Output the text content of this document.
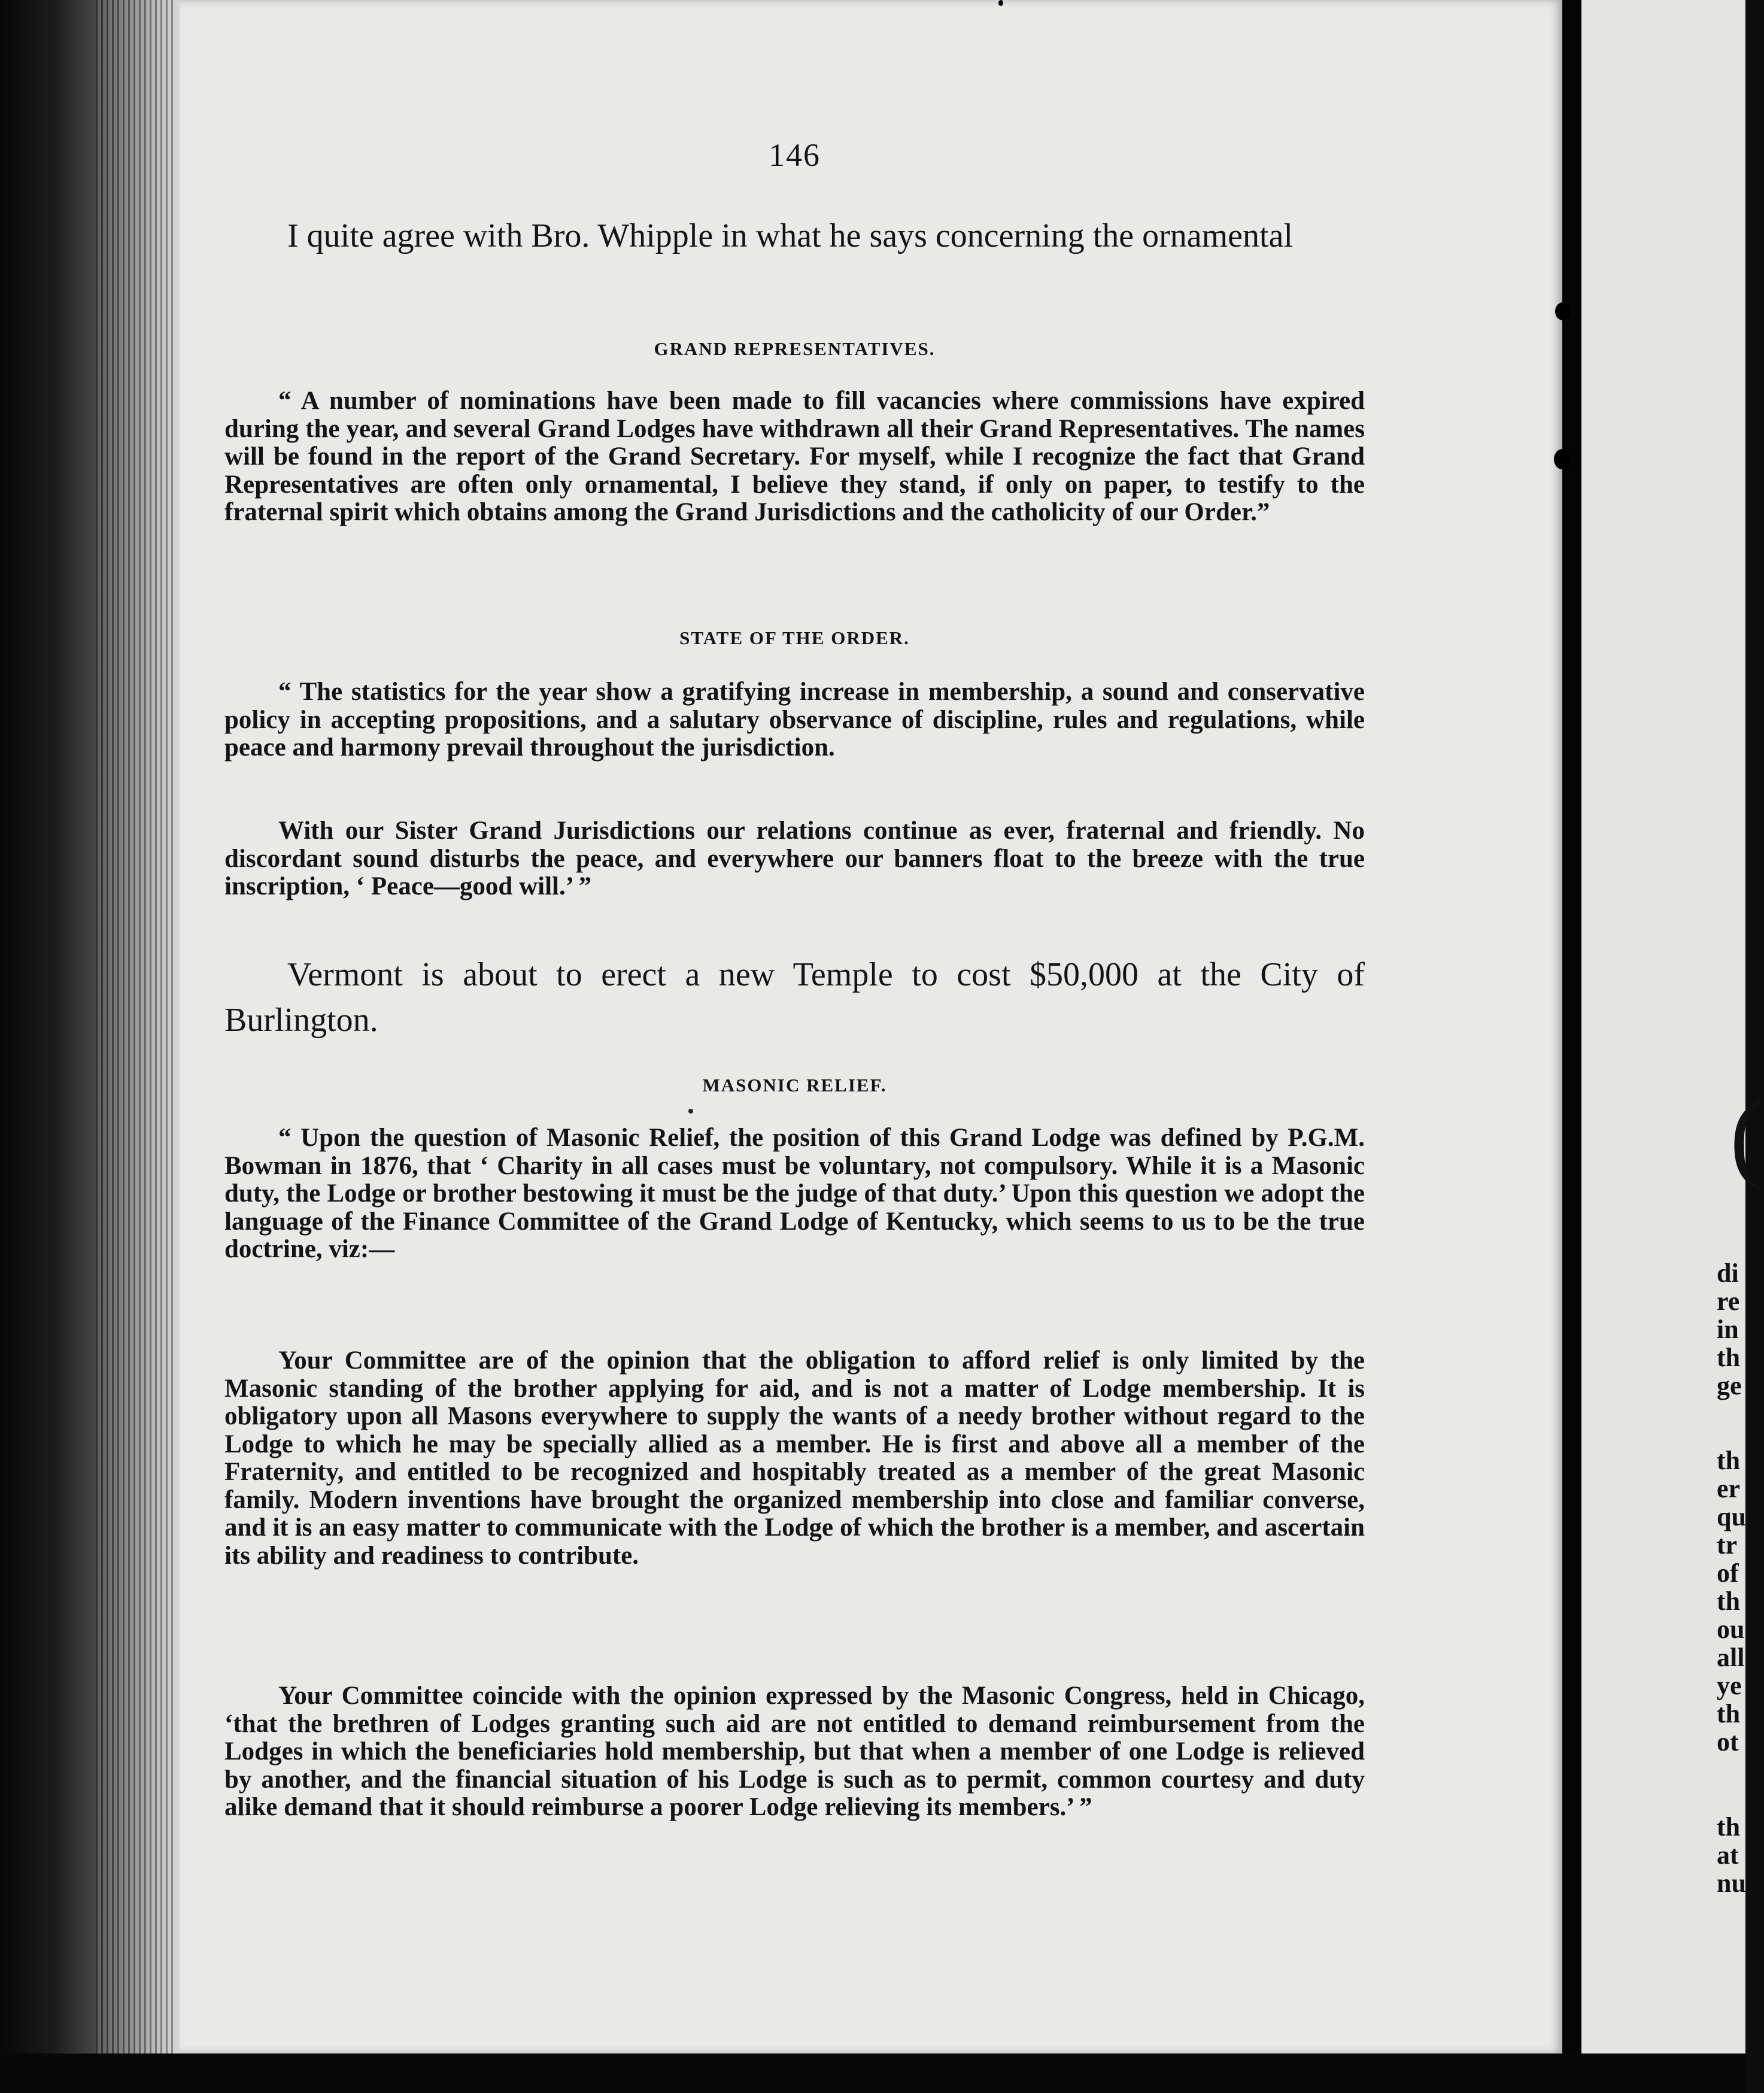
146

I quite agree with Bro. Whipple in what he says concerning the ornamental

GRAND REPRESENTATIVES.

“ A number of nominations have been made to fill vacancies where commissions have expired during the year, and several Grand Lodges have withdrawn all their Grand Representatives. The names will be found in the report of the Grand Secretary. For myself, while I recognize the fact that Grand Representatives are often only ornamental, I believe they stand, if only on paper, to testify to the fraternal spirit which obtains among the Grand Jurisdictions and the catholicity of our Order.”

STATE OF THE ORDER.

“ The statistics for the year show a gratifying increase in membership, a sound and conservative policy in accepting propositions, and a salutary observance of discipline, rules and regulations, while peace and harmony prevail throughout the jurisdiction.

With our Sister Grand Jurisdictions our relations continue as ever, fraternal and friendly. No discordant sound disturbs the peace, and everywhere our banners float to the breeze with the true inscription, ‘ Peace—good will.’ ”

Vermont is about to erect a new Temple to cost $50,000 at the City of Burlington.

MASONIC RELIEF.

“ Upon the question of Masonic Relief, the position of this Grand Lodge was defined by P.G.M. Bowman in 1876, that ‘ Charity in all cases must be voluntary, not compulsory. While it is a Masonic duty, the Lodge or brother bestowing it must be the judge of that duty.’ Upon this question we adopt the language of the Finance Committee of the Grand Lodge of Kentucky, which seems to us to be the true doctrine, viz:—

Your Committee are of the opinion that the obligation to afford relief is only limited by the Masonic standing of the brother applying for aid, and is not a matter of Lodge membership. It is obligatory upon all Masons everywhere to supply the wants of a needy brother without regard to the Lodge to which he may be specially allied as a member. He is first and above all a member of the Fraternity, and entitled to be recognized and hospitably treated as a member of the great Masonic family. Modern inventions have brought the organized membership into close and familiar converse, and it is an easy matter to communicate with the Lodge of which the brother is a member, and ascertain its ability and readiness to contribute.

Your Committee coincide with the opinion expressed by the Masonic Congress, held in Chicago, ‘that the brethren of Lodges granting such aid are not entitled to demand reimbursement from the Lodges in which the beneficiaries hold membership, but that when a member of one Lodge is relieved by another, and the financial situation of his Lodge is such as to permit, common courtesy and duty alike demand that it should reimburse a poorer Lodge relieving its members.’ ”

(
di
re
in
th
ge
th
er
qu
tr
of
th
ou
all
ye
th
ot
th
at
nu
